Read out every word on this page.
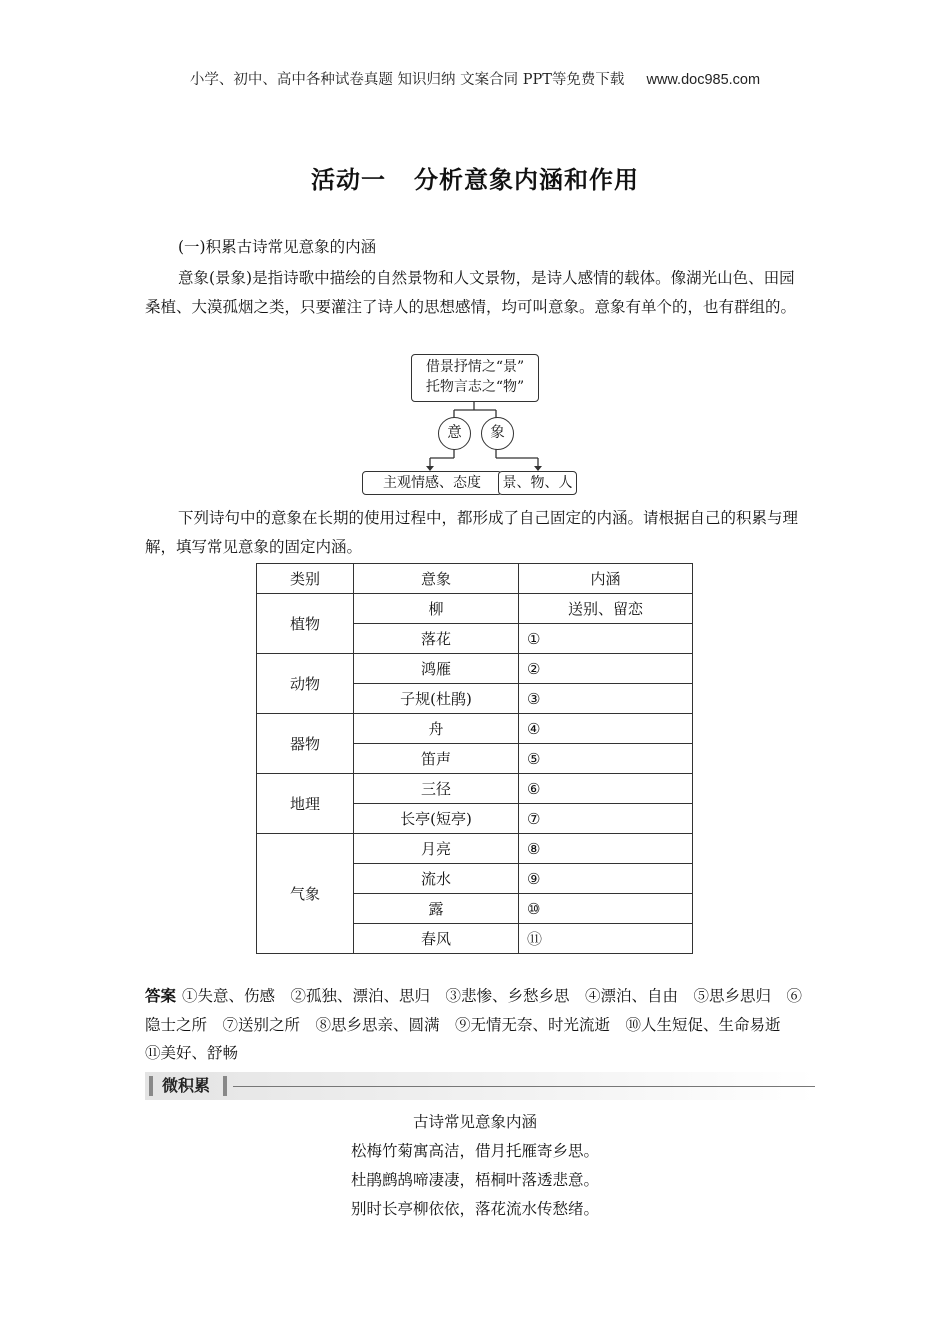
小学、初中、高中各种试卷真题 知识归纳 文案合同 PPT等免费下载 www.doc985.com
活动一 分析意象内涵和作用
(一)积累古诗常见意象的内涵
意象(景象)是指诗歌中描绘的自然景物和人文景物，是诗人感情的载体。像湖光山色、田园桑植、大漠孤烟之类，只要灌注了诗人的思想感情，均可叫意象。意象有单个的，也有群组的。
借景抒情之“景”
托物言志之“物”
意	象
主观情感、态度	景、物、人
下列诗句中的意象在长期的使用过程中，都形成了自己固定的内涵。请根据自己的积累与理解，填写常见意象的固定内涵。
类别	意象	内涵
植物	柳	送别、留恋
	落花	①
动物	鸿雁	②
	子规(杜鹃)	③
器物	舟	④
	笛声	⑤
地理	三径	⑥
	长亭(短亭)	⑦
气象	月亮	⑧
	流水	⑨
	露	⑩
	春风	⑪
答案 ①失意、伤感　②孤独、漂泊、思归　③悲惨、乡愁乡思　④漂泊、自由　⑤思乡思归　⑥隐士之所　⑦送别之所　⑧思乡思亲、圆满　⑨无情无奈、时光流逝　⑩人生短促、生命易逝　⑪美好、舒畅
微积累
古诗常见意象内涵
松梅竹菊寓高洁，借月托雁寄乡思。
杜鹃鹧鸪啼凄凄，梧桐叶落透悲意。
别时长亭柳依依，落花流水传愁绪。
